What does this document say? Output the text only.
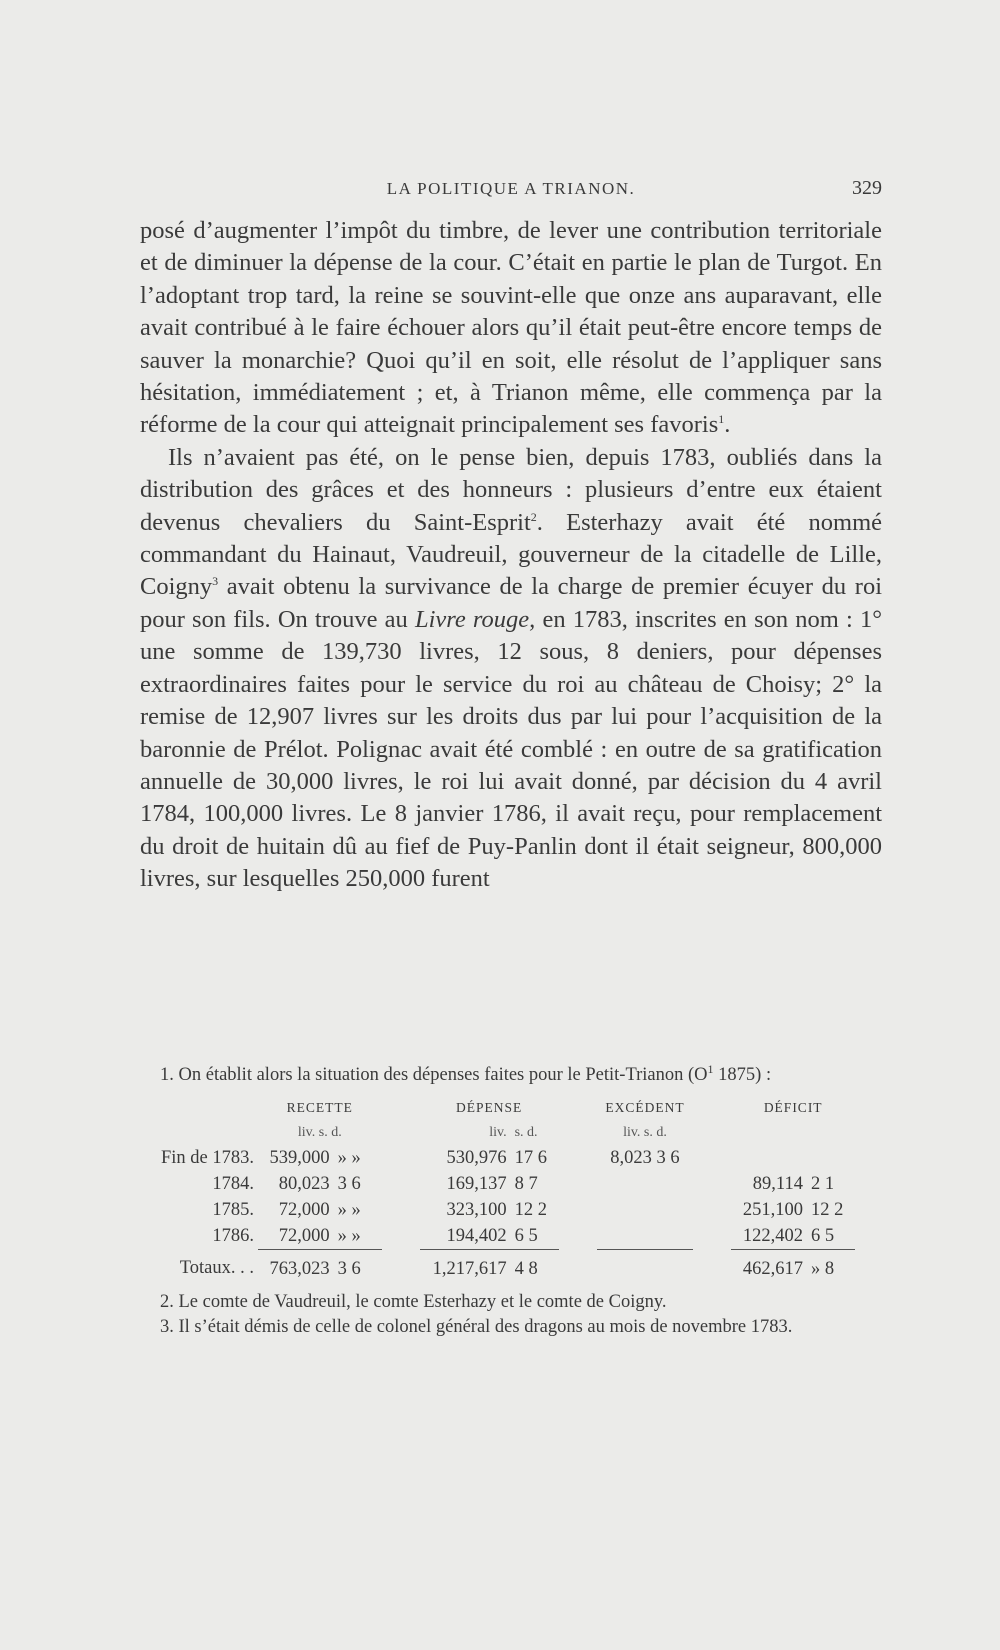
LA POLITIQUE A TRIANON.	329

posé d’augmenter l’impôt du timbre, de lever une contribution territoriale et de diminuer la dépense de la cour. C’était en partie le plan de Turgot. En l’adoptant trop tard, la reine se souvint-elle que onze ans auparavant, elle avait contribué à le faire échouer alors qu’il était peut-être encore temps de sauver la monarchie? Quoi qu’il en soit, elle résolut de l’appliquer sans hésitation, immédiatement ; et, à Trianon même, elle commença par la réforme de la cour qui atteignait principalement ses favoris$^1$.

Ils n’avaient pas été, on le pense bien, depuis 1783, oubliés dans la distribution des grâces et des honneurs : plusieurs d’entre eux étaient devenus chevaliers du Saint-Esprit$^2$. Esterhazy avait été nommé commandant du Hainaut, Vaudreuil, gouverneur de la citadelle de Lille, Coigny$^3$ avait obtenu la survivance de la charge de premier écuyer du roi pour son fils. On trouve au Livre rouge, en 1783, inscrites en son nom : 1° une somme de 139,730 livres, 12 sous, 8 deniers, pour dépenses extraordinaires faites pour le service du roi au château de Choisy; 2° la remise de 12,907 livres sur les droits dus par lui pour l’acquisition de la baronnie de Prélot. Polignac avait été comblé : en outre de sa gratification annuelle de 30,000 livres, le roi lui avait donné, par décision du 4 avril 1784, 100,000 livres. Le 8 janvier 1786, il avait reçu, pour remplacement du droit de huitain dû au fief de Puy-Panlin dont il était seigneur, 800,000 livres, sur lesquelles 250,000 furent

1. On établit alors la situation des dépenses faites pour le Petit-Trianon (O$^1$ 1875) :

	RECETTE			DÉPENSE			EXCÉDENT		DÉFICIT	
	liv. s. d.			liv.	s. d.		liv. s. d.			
Fin de 1783.	539,000	» »		530,976	17 6		8,023 3 6			
1784.	80,023	3 6		169,137	8 7				89,114	2 1
1785.	72,000	» »		323,100	12 2				251,100	12 2
1786.	72,000	» »		194,402	6 5				122,402	6 5
Totaux. . .	763,023	3 6		1,217,617	4 8				462,617	» 8

2. Le comte de Vaudreuil, le comte Esterhazy et le comte de Coigny.

3. Il s’était démis de celle de colonel général des dragons au mois de novembre 1783.
